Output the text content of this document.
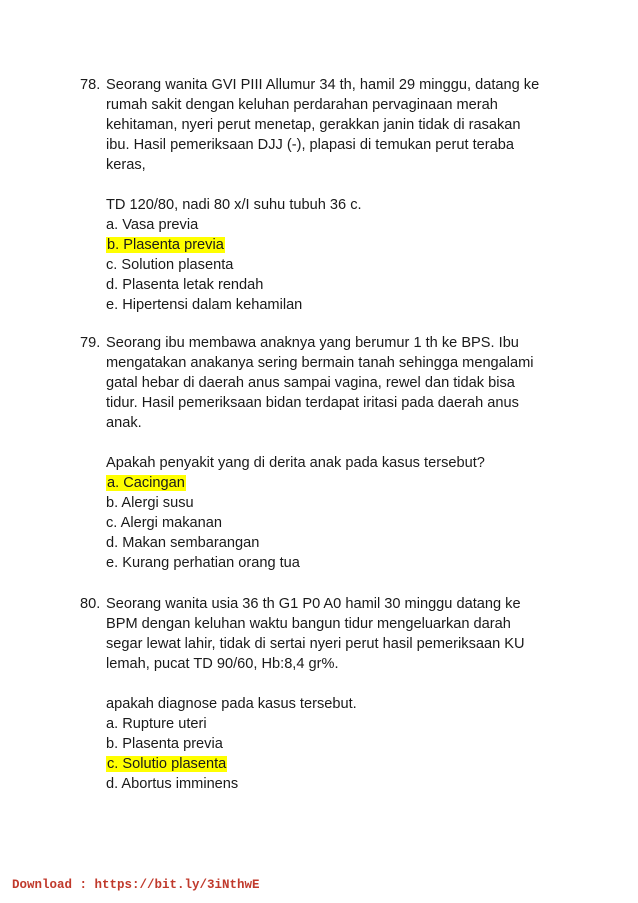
78. Seorang wanita GVI PIII Allumur 34 th, hamil 29 minggu, datang ke
rumah sakit dengan keluhan perdarahan pervaginaan merah
kehitaman, nyeri perut menetap, gerakkan janin tidak di rasakan
ibu. Hasil pemeriksaan DJJ (-), plapasi di temukan perut teraba
keras,
TD 120/80, nadi 80 x/I suhu tubuh 36 c.
a. Vasa previa
b. Plasenta previa
c. Solution plasenta
d. Plasenta letak rendah
e. Hipertensi dalam kehamilan
79. Seorang ibu membawa anaknya yang berumur 1 th ke BPS. Ibu
mengatakan anakanya sering bermain tanah sehingga mengalami
gatal hebar di daerah anus sampai vagina, rewel dan tidak bisa
tidur. Hasil pemeriksaan bidan terdapat iritasi pada daerah anus
anak.
Apakah penyakit yang di derita anak pada kasus tersebut?
a. Cacingan
b. Alergi susu
c. Alergi makanan
d. Makan sembarangan
e. Kurang perhatian orang tua
80. Seorang wanita usia 36 th G1 P0 A0 hamil 30 minggu datang ke
BPM dengan keluhan waktu bangun tidur mengeluarkan darah
segar lewat lahir, tidak di sertai nyeri perut hasil pemeriksaan KU
lemah, pucat TD 90/60, Hb:8,4 gr%.
apakah diagnose pada kasus tersebut.
a. Rupture uteri
b. Plasenta previa
c. Solutio plasenta
d. Abortus imminens
Download : https://bit.ly/3iNthwE
